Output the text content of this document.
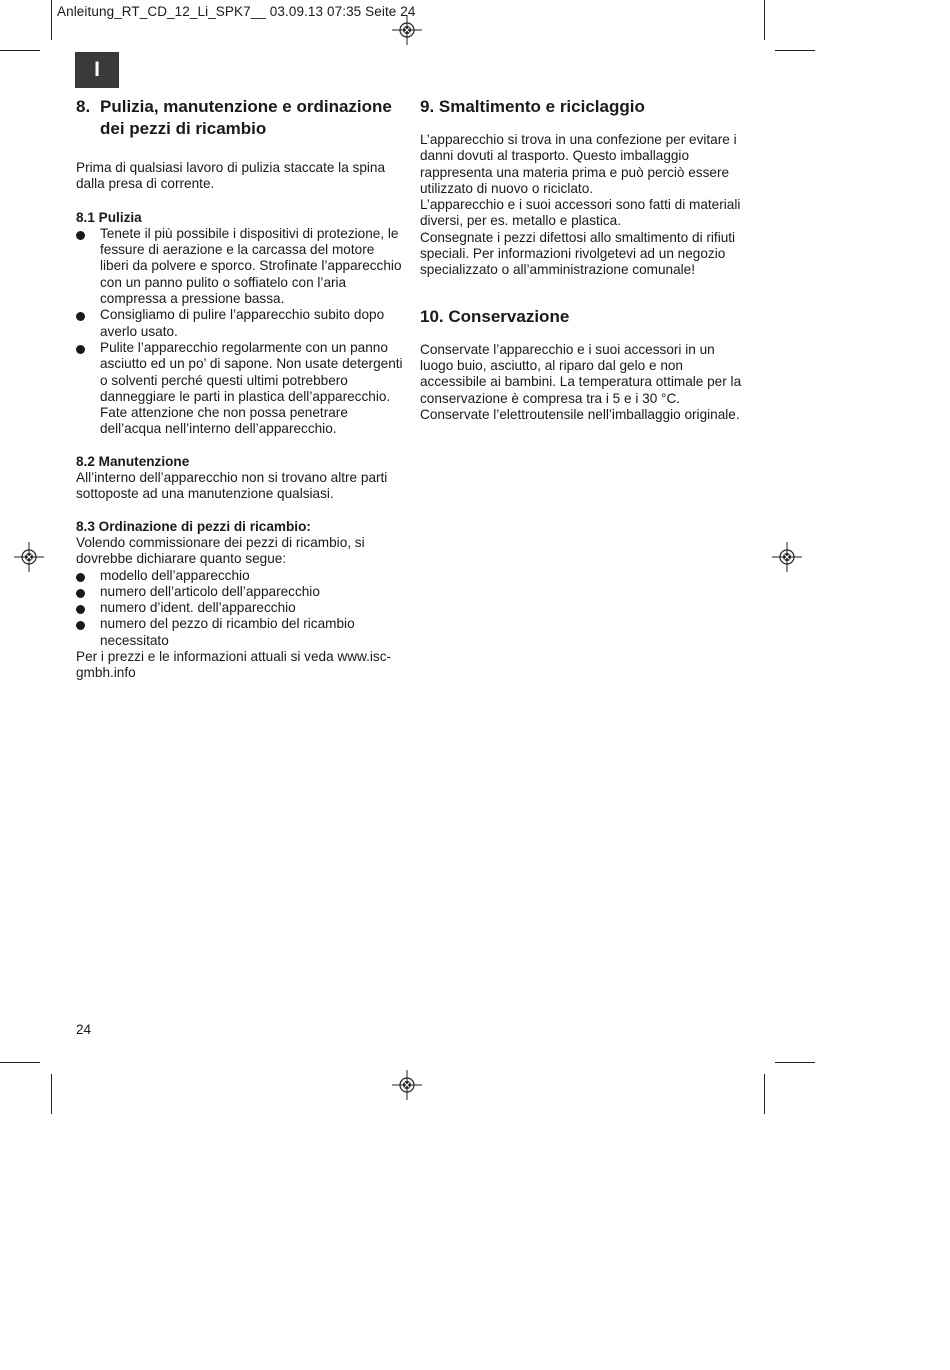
Anleitung_RT_CD_12_Li_SPK7__ 03.09.13 07:35 Seite 24
I
8. Pulizia, manutenzione e ordinazione
dei pezzi di ricambio

Prima di qualsiasi lavoro di pulizia staccate la spina dalla presa di corrente.

8.1 Pulizia

Tenete il più possibile i dispositivi di protezione, le fessure di aerazione e la carcassa del motore liberi da polvere e sporco. Strofinate l’apparecchio con un panno pulito o soffiatelo con l’aria compressa a pressione bassa.
Consigliamo di pulire l’apparecchio subito dopo averlo usato.
Pulite l’apparecchio regolarmente con un panno asciutto ed un po’ di sapone. Non usate detergenti o solventi perché questi ultimi potrebbero danneggiare le parti in plastica dell’apparecchio. Fate attenzione che non possa penetrare dell’acqua nell’interno dell’apparecchio.

8.2 Manutenzione

All’interno dell’apparecchio non si trovano altre parti sottoposte ad una manutenzione qualsiasi.

8.3 Ordinazione di pezzi di ricambio:

Volendo commissionare dei pezzi di ricambio, si dovrebbe dichiarare quanto segue:

modello dell’apparecchio
numero dell’articolo dell’apparecchio
numero d’ident. dell’apparecchio
numero del pezzo di ricambio del ricambio necessitato

Per i prezzi e le informazioni attuali si veda www.isc-gmbh.info

9. Smaltimento e riciclaggio

L’apparecchio si trova in una confezione per evitare i danni dovuti al trasporto. Questo imballaggio rappresenta una materia prima e può perciò essere utilizzato di nuovo o riciclato.

L’apparecchio e i suoi accessori sono fatti di materiali diversi, per es. metallo e plastica.

Consegnate i pezzi difettosi allo smaltimento di rifiuti speciali. Per informazioni rivolgetevi ad un negozio specializzato o all’amministrazione comunale!

10. Conservazione

Conservate l’apparecchio e i suoi accessori in un luogo buio, asciutto, al riparo dal gelo e non accessibile ai bambini. La temperatura ottimale per la conservazione è compresa tra i 5 e i 30 °C.

Conservate l’elettroutensile nell’imballaggio originale.

24
